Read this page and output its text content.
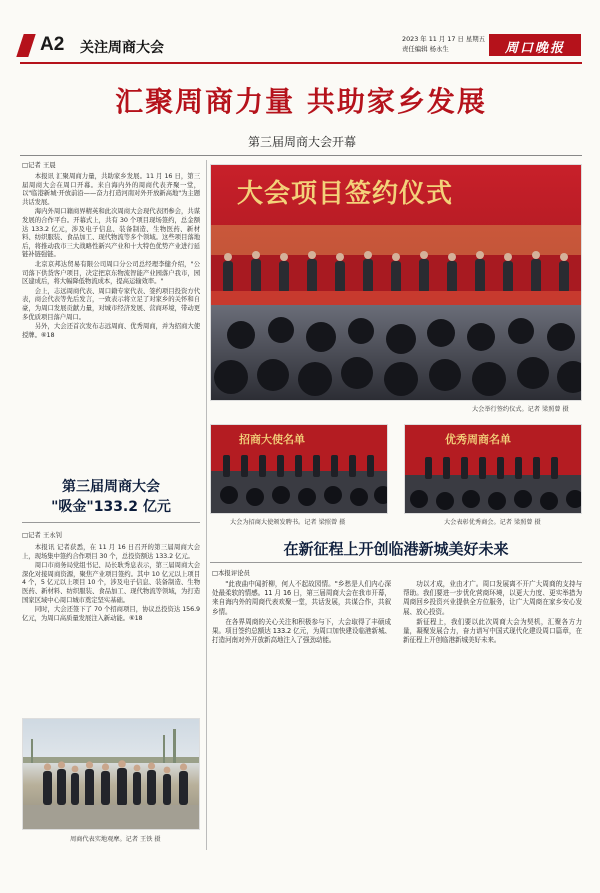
A2 关注周商大会
2023 年 11 月 17 日 星期五
责任编辑 杨永生	周口晚报
汇聚周商力量 共助家乡发展
第三届周商大会开幕
□记者 王晨

本报讯 汇聚周商力量，共助家乡发展。11 月 16 日，第三届周商大会在周口开幕。来自海内外的周商代表齐聚一堂，以"临港新城·开放前沿——奋力打造河南对外开放新高地"为主题共话发展。

海内外周口籍商界精英和此次周商大会现代表团参会，共谋发展的合作平台。开幕式上，共有 30 个项目现场签约，总金额达 133.2 亿元，涉及电子信息、装备制造、生物医药、新材料、纺织服装、食品加工、现代物流等多个领域。这些项目落地后，将推动我市三大战略性新兴产业和十大特色优势产业进行延链补链强链。

北京京邦达贸易有限公司周口分公司总经理李健介绍，"公司落下供货客户项目，决定把京东物流智能产业园落户我市，园区建成后，将大幅降低物流成本，提高运输效率。"

会上，志远周商代表、周口籍专家代表、签约项目投资方代表，商会代表等先后发言，一致表示将立足了对家乡的关怀和自豪，为周口发展贡献力量，对城市经济发展、营商环境，带动更多优质项目落户周口。

另外，大会还首次发布志远周商、优秀周商，并为招商大使授牌。⑥18

第三届周商大会
"吸金"133.2 亿元
□记者 王永钊

本报讯 记者获悉，在 11 月 16 日召开的第三届周商大会上，现场集中签约合作项目 30 个，总投资额达 133.2 亿元。

周口市商务局党组书记、局长耿秀息表示，第三届周商大会深化对接周商资源，聚焦产业项目签约。其中 10 亿元以上项目 4 个，5 亿元以上项目 10 个，涉及电子信息、装备制造、生物医药、新材料、纺织服装、食品加工、现代物流等领域，为打造国家区域中心周口城市奠定坚实基础。

同时，大会还签下了 70 个招商项目，协议总投资达 156.9 亿元，为周口高质量发展注入新动能。⑥18

周商代表实地观摩。记者 王铁 摄
大会项目签约仪式
大会举行签约仪式。记者 梁照曾 摄
招商大使名单
大会为招商大使颁发聘书。记者 梁照曾 摄
优秀周商名单
大会表彰优秀商会。记者 梁照曾 摄
在新征程上开创临港新城美好未来
□本报评论员

"此夜曲中闻折柳，何人不起故园情。"乡愁是人们内心深处最柔软的情感。11 月 16 日，第三届周商大会在我市开幕，来自海内外的周商代表欢聚一堂，共话发展，共谋合作，共叙乡情。

在各界周商的关心关注和积极参与下，大会取得了丰硕成果。项目签约总额达 133.2 亿元，为周口加快建设临港新城、打造河南对外开放新高地注入了强劲动能。

功以才成，业由才广。周口发展离不开广大周商的支持与帮助。我们要进一步优化营商环境，以更大力度、更实举措为周商回乡投资兴业提供全方位服务，让广大周商在家乡安心发展、放心投资。

新征程上，我们要以此次周商大会为契机，汇聚各方力量，凝聚发展合力，奋力谱写中国式现代化建设周口篇章，在新征程上开创临港新城美好未来。
